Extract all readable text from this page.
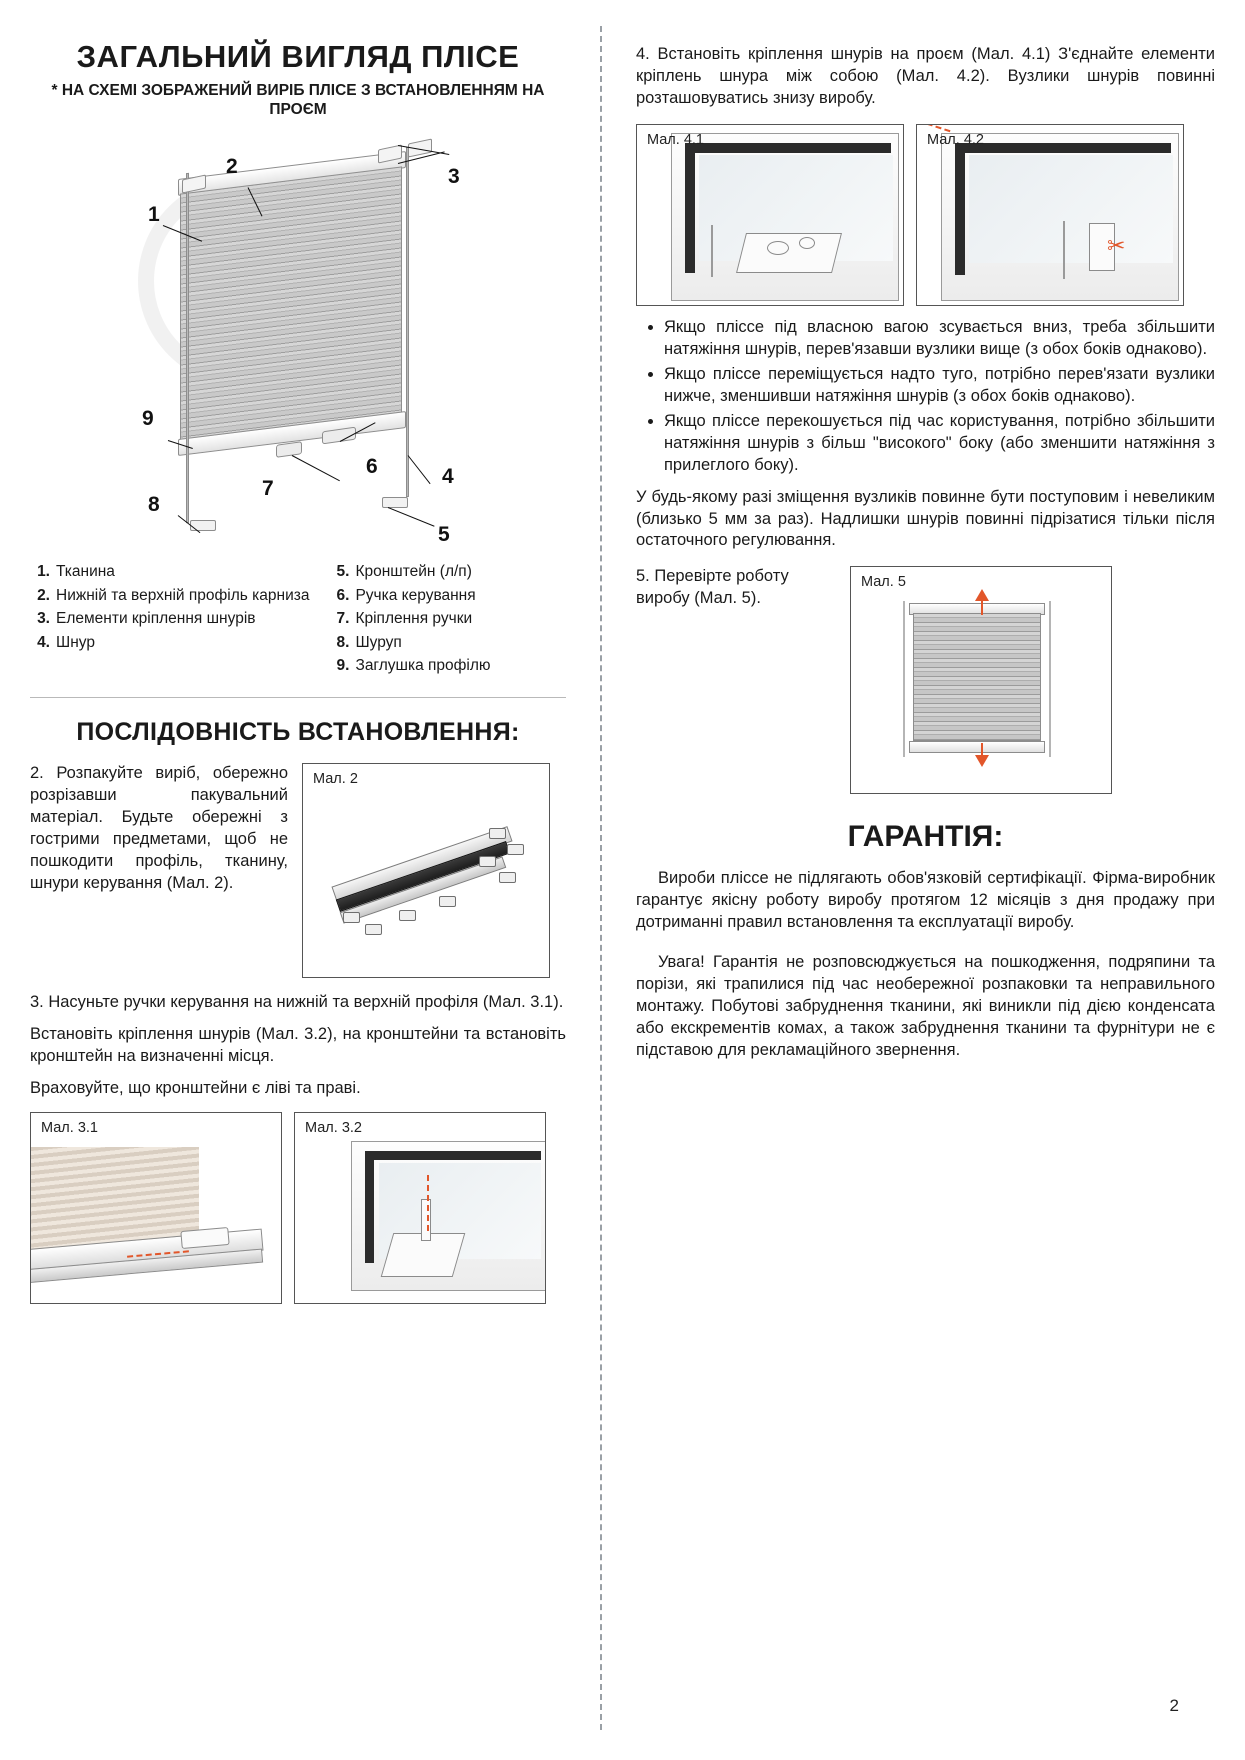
ЗАГАЛЬНИЙ ВИГЛЯД ПЛІСЕ
* НА СХЕМІ ЗОБРАЖЕНИЙ ВИРІБ ПЛІСЕ З ВСТАНОВЛЕННЯМ НА ПРОЄМ
1
2	3
9
6
7
4
8
5
1. Тканина
2. Нижній та верхній профіль карниза
3. Елементи кріплення шнурів
4. Шнур
5. Кронштейн (л/п)
6. Ручка керування
7. Кріплення ручки
8. Шуруп
9. Заглушка профілю
ПОСЛІДОВНІСТЬ ВСТАНОВЛЕННЯ:

2. Розпакуйте виріб, обережно розрізавши пакувальний матеріал. Будьте обережні з гострими предметами, щоб не пошкодити профіль, тканину, шнури керування (Мал. 2).

Мал. 2

3. Насуньте ручки керування на нижній та верхній профіля (Мал. 3.1).

Встановіть кріплення шнурів (Мал. 3.2), на кронштейни та встановіть кронштейн на визначенні місця.

Враховуйте, що кронштейни є ліві та праві.

Мал. 3.1	Мал. 3.2

4. Встановіть кріплення шнурів на проєм (Мал. 4.1) З'єднайте елементи кріплень шнура між собою (Мал. 4.2). Вузлики шнурів повинні розташовуватись знизу виробу.

Мал. 4.1	Мал. 4.2
✂
• Якщо пліссе під власною вагою зсувається вниз, треба збільшити натяжіння шнурів, перев'язавши вузлики вище (з обох боків однаково).
• Якщо пліссе переміщується надто туго, потрібно перев'язати вузлики нижче, зменшивши натяжіння шнурів (з обох боків однаково).
• Якщо пліссе перекошується під час користування, потрібно збільшити натяжіння шнурів з більш "високого" боку (або зменшити натяжіння з прилеглого боку).

У будь-якому разі зміщення вузликів повинне бути поступовим і невеликим (близько 5 мм за раз). Надлишки шнурів повинні підрізатися тільки після остаточного регулювання.

5. Перевірте роботу виробу (Мал. 5).
Мал. 5
ГАРАНТІЯ:

Вироби пліссе не підлягають обов'язковій сертифікації. Фірма-виробник гарантує якісну роботу виробу протягом 12 місяців з дня продажу при дотриманні правил встановлення та експлуатації виробу.

Увага! Гарантія не розповсюджується на пошкодження, подряпини та порізи, які трапилися під час необережної розпаковки та неправильного монтажу. Побутові забруднення тканини, які виникли під дією конденсата або екскрементів комах, а також забруднення тканини та фурнітури не є підставою для рекламаційного звернення.

2
